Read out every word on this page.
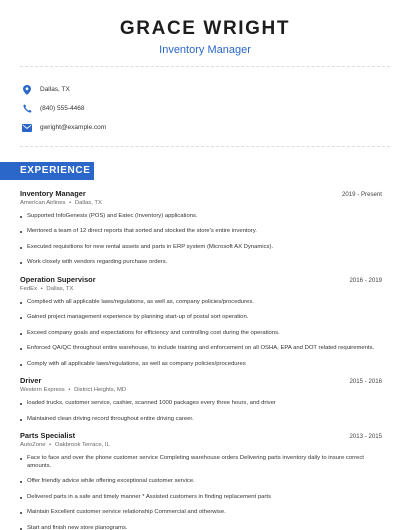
GRACE WRIGHT
Inventory Manager
Dallas, TX
(840) 555-4468
gwright@example.com
EXPERIENCE
Inventory Manager	2019 - Present
American Airlines • Dallas, TX
Supported InfoGenesis (POS) and Eatec (Inventory) applications.
Mentored a team of 12 direct reports that sorted and stocked the store's entire inventory.
Executed requisitions for new rental assets and parts in ERP system (Microsoft AX Dynamics).
Work closely with vendors regarding purchase orders.
Operation Supervisor	2016 - 2019
FedEx • Dallas, TX
Complied with all applicable laws/regulations, as well as, company policies/procedures.
Gained project management experience by planning start-up of postal sort operation.
Exceed company goals and expectations for efficiency and controlling cost during the operations.
Enforced QA/QC throughout entire warehouse, to include training and enforcement on all OSHA, EPA and DOT related requirements.
Comply with all applicable laws/regulations, as well as company policies/procedures
Driver	2015 - 2016
Western Express • District Heights, MD
loaded trucks, customer service, cashier, scanned 1000 packages every three hours, and driver
Maintained clean driving record throughout entire driving career.
Parts Specialist	2013 - 2015
AutoZone • Oakbrook Terrace, IL
Face to face and over the phone customer service Completing warehouse orders Delivering parts inventory daily to insure correct amounts.
Offer friendly advice while offering exceptional customer service.
Delivered parts in a safe and timely manner * Assisted customers in finding replacement parts
Maintain Excellent customer service relationship Commercial and otherwise.
Start and finish new store planograms.
